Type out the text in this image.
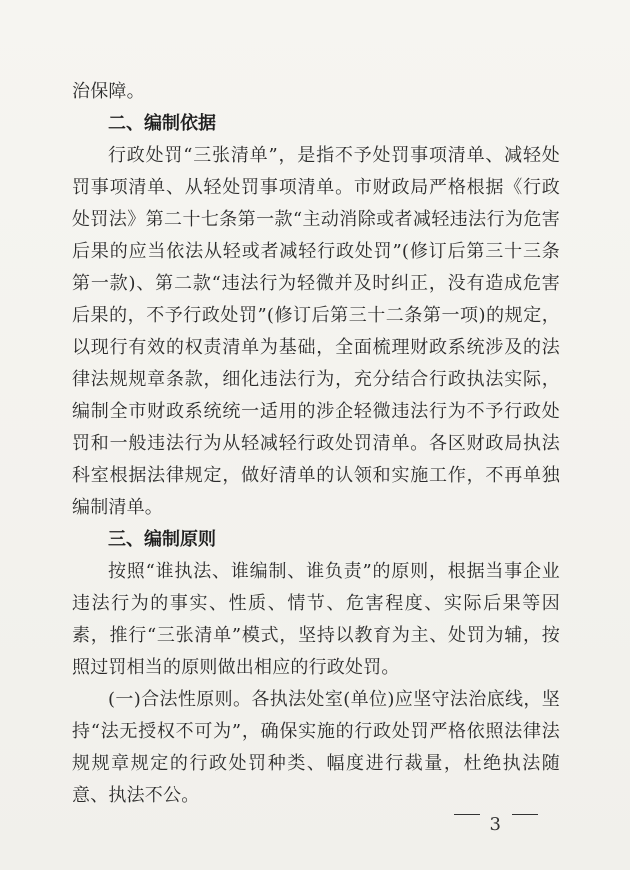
治保障。

二、编制依据

行政处罚“三张清单”，是指不予处罚事项清单、减轻处罚事项清单、从轻处罚事项清单。市财政局严格根据《行政处罚法》第二十七条第一款“主动消除或者减轻违法行为危害后果的应当依法从轻或者减轻行政处罚”(修订后第三十三条第一款)、第二款“违法行为轻微并及时纠正，没有造成危害后果的，不予行政处罚”(修订后第三十二条第一项)的规定，以现行有效的权责清单为基础，全面梳理财政系统涉及的法律法规规章条款，细化违法行为，充分结合行政执法实际，编制全市财政系统统一适用的涉企轻微违法行为不予行政处罚和一般违法行为从轻减轻行政处罚清单。各区财政局执法科室根据法律规定，做好清单的认领和实施工作，不再单独编制清单。

三、编制原则

按照“谁执法、谁编制、谁负责”的原则，根据当事企业违法行为的事实、性质、情节、危害程度、实际后果等因素，推行“三张清单”模式，坚持以教育为主、处罚为辅，按照过罚相当的原则做出相应的行政处罚。

(一)合法性原则。各执法处室(单位)应坚守法治底线，坚持“法无授权不可为”，确保实施的行政处罚严格依照法律法规规章规定的行政处罚种类、幅度进行裁量，杜绝执法随意、执法不公。

3
